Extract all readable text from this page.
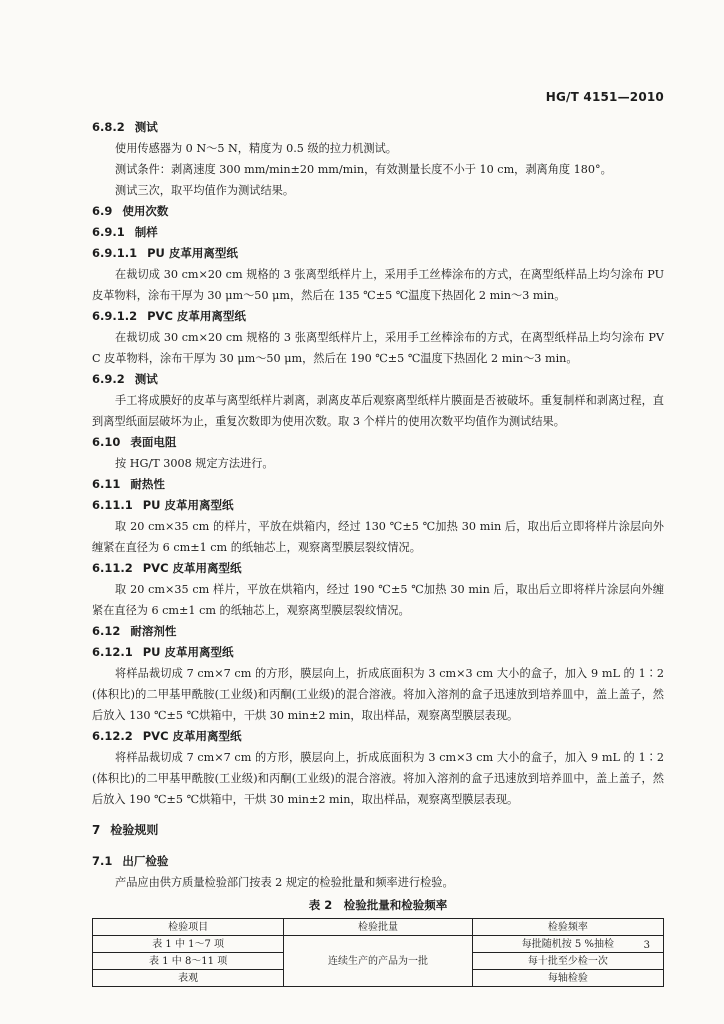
HG/T 4151—2010
6.8.2 测试
使用传感器为 0 N～5 N，精度为 0.5 级的拉力机测试。
测试条件：剥离速度 300 mm/min±20 mm/min，有效测量长度不小于 10 cm，剥离角度 180°。
测试三次，取平均值作为测试结果。
6.9 使用次数
6.9.1 制样
6.9.1.1 PU 皮革用离型纸
在裁切成 30 cm×20 cm 规格的 3 张离型纸样片上，采用手工丝棒涂布的方式，在离型纸样品上均匀涂布 PU 皮革物料，涂布干厚为 30 μm～50 μm，然后在 135 ℃±5 ℃温度下热固化 2 min～3 min。
6.9.1.2 PVC 皮革用离型纸
在裁切成 30 cm×20 cm 规格的 3 张离型纸样片上，采用手工丝棒涂布的方式，在离型纸样品上均匀涂布 PVC 皮革物料，涂布干厚为 30 μm～50 μm，然后在 190 ℃±5 ℃温度下热固化 2 min～3 min。
6.9.2 测试
手工将成膜好的皮革与离型纸样片剥离，剥离皮革后观察离型纸样片膜面是否被破坏。重复制样和剥离过程，直到离型纸面层破坏为止，重复次数即为使用次数。取 3 个样片的使用次数平均值作为测试结果。
6.10 表面电阻
按 HG/T 3008 规定方法进行。
6.11 耐热性
6.11.1 PU 皮革用离型纸
取 20 cm×35 cm 的样片，平放在烘箱内，经过 130 ℃±5 ℃加热 30 min 后，取出后立即将样片涂层向外缠紧在直径为 6 cm±1 cm 的纸轴芯上，观察离型膜层裂纹情况。
6.11.2 PVC 皮革用离型纸
取 20 cm×35 cm 样片，平放在烘箱内，经过 190 ℃±5 ℃加热 30 min 后，取出后立即将样片涂层向外缠紧在直径为 6 cm±1 cm 的纸轴芯上，观察离型膜层裂纹情况。
6.12 耐溶剂性
6.12.1 PU 皮革用离型纸
将样品裁切成 7 cm×7 cm 的方形，膜层向上，折成底面积为 3 cm×3 cm 大小的盒子，加入 9 mL 的 1∶2(体积比)的二甲基甲酰胺(工业级)和丙酮(工业级)的混合溶液。将加入溶剂的盒子迅速放到培养皿中，盖上盖子，然后放入 130 ℃±5 ℃烘箱中，干烘 30 min±2 min，取出样品，观察离型膜层表现。
6.12.2 PVC 皮革用离型纸
将样品裁切成 7 cm×7 cm 的方形，膜层向上，折成底面积为 3 cm×3 cm 大小的盒子，加入 9 mL 的 1∶2(体积比)的二甲基甲酰胺(工业级)和丙酮(工业级)的混合溶液。将加入溶剂的盒子迅速放到培养皿中，盖上盖子，然后放入 190 ℃±5 ℃烘箱中，干烘 30 min±2 min，取出样品，观察离型膜层表现。
7 检验规则
7.1 出厂检验
产品应由供方质量检验部门按表 2 规定的检验批量和频率进行检验。
表 2　检验批量和检验频率
检验项目	检验批量	检验频率
表 1 中 1～7 项	连续生产的产品为一批	每批随机按 5 %抽检
表 1 中 8～11 项		每十批至少检一次
表观		每轴检验
3
